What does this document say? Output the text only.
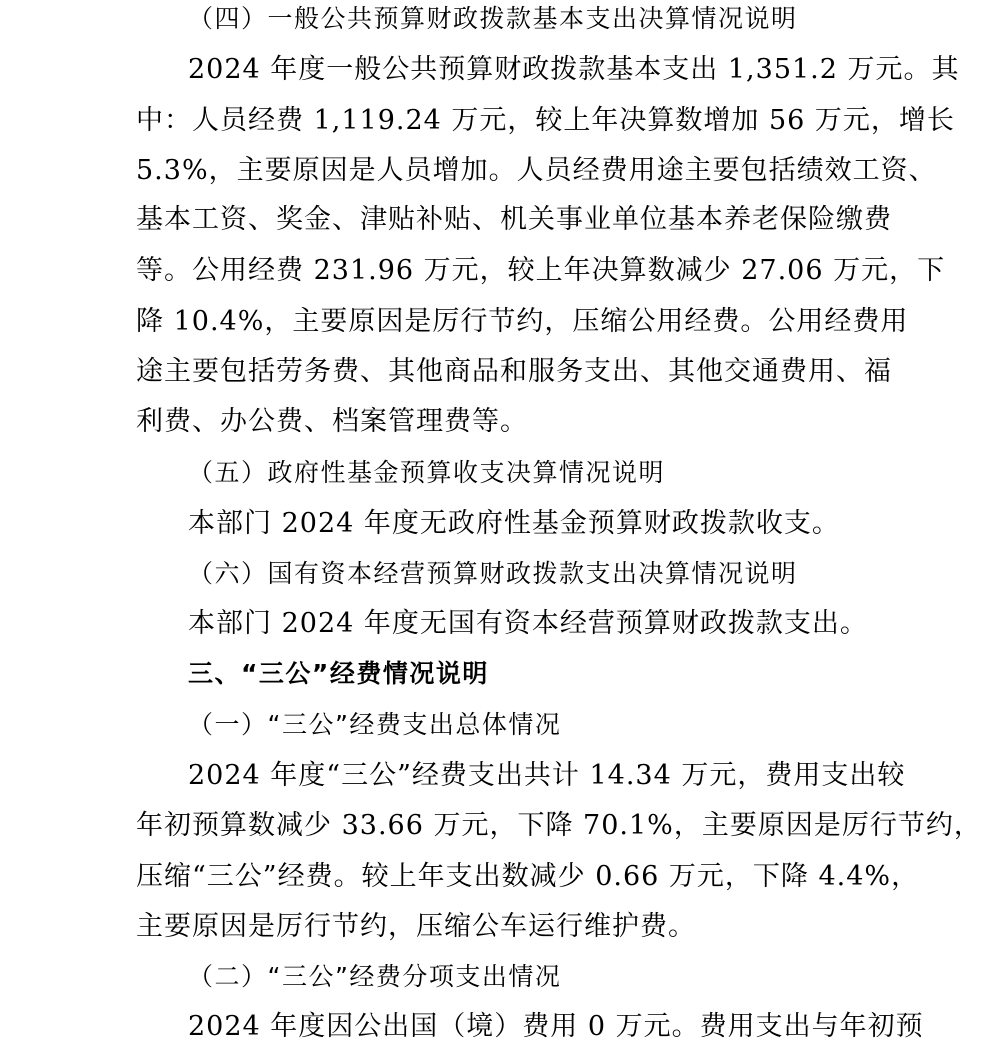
（四）一般公共预算财政拨款基本支出决算情况说明
2024 年度一般公共预算财政拨款基本支出 1,351.2 万元。其
中：人员经费 1,119.24 万元，较上年决算数增加 56 万元，增长
5.3%，主要原因是人员增加。人员经费用途主要包括绩效工资、
基本工资、奖金、津贴补贴、机关事业单位基本养老保险缴费
等。公用经费 231.96 万元，较上年决算数减少 27.06 万元，下
降 10.4%，主要原因是厉行节约，压缩公用经费。公用经费用
途主要包括劳务费、其他商品和服务支出、其他交通费用、福
利费、办公费、档案管理费等。
（五）政府性基金预算收支决算情况说明
本部门 2024 年度无政府性基金预算财政拨款收支。
（六）国有资本经营预算财政拨款支出决算情况说明
本部门 2024 年度无国有资本经营预算财政拨款支出。
三、“三公”经费情况说明
（一）“三公”经费支出总体情况
2024 年度“三公”经费支出共计 14.34 万元，费用支出较
年初预算数减少 33.66 万元，下降 70.1%，主要原因是厉行节约，
压缩“三公”经费。较上年支出数减少 0.66 万元，下降 4.4%，
主要原因是厉行节约，压缩公车运行维护费。
（二）“三公”经费分项支出情况
2024 年度因公出国（境）费用 0 万元。费用支出与年初预
